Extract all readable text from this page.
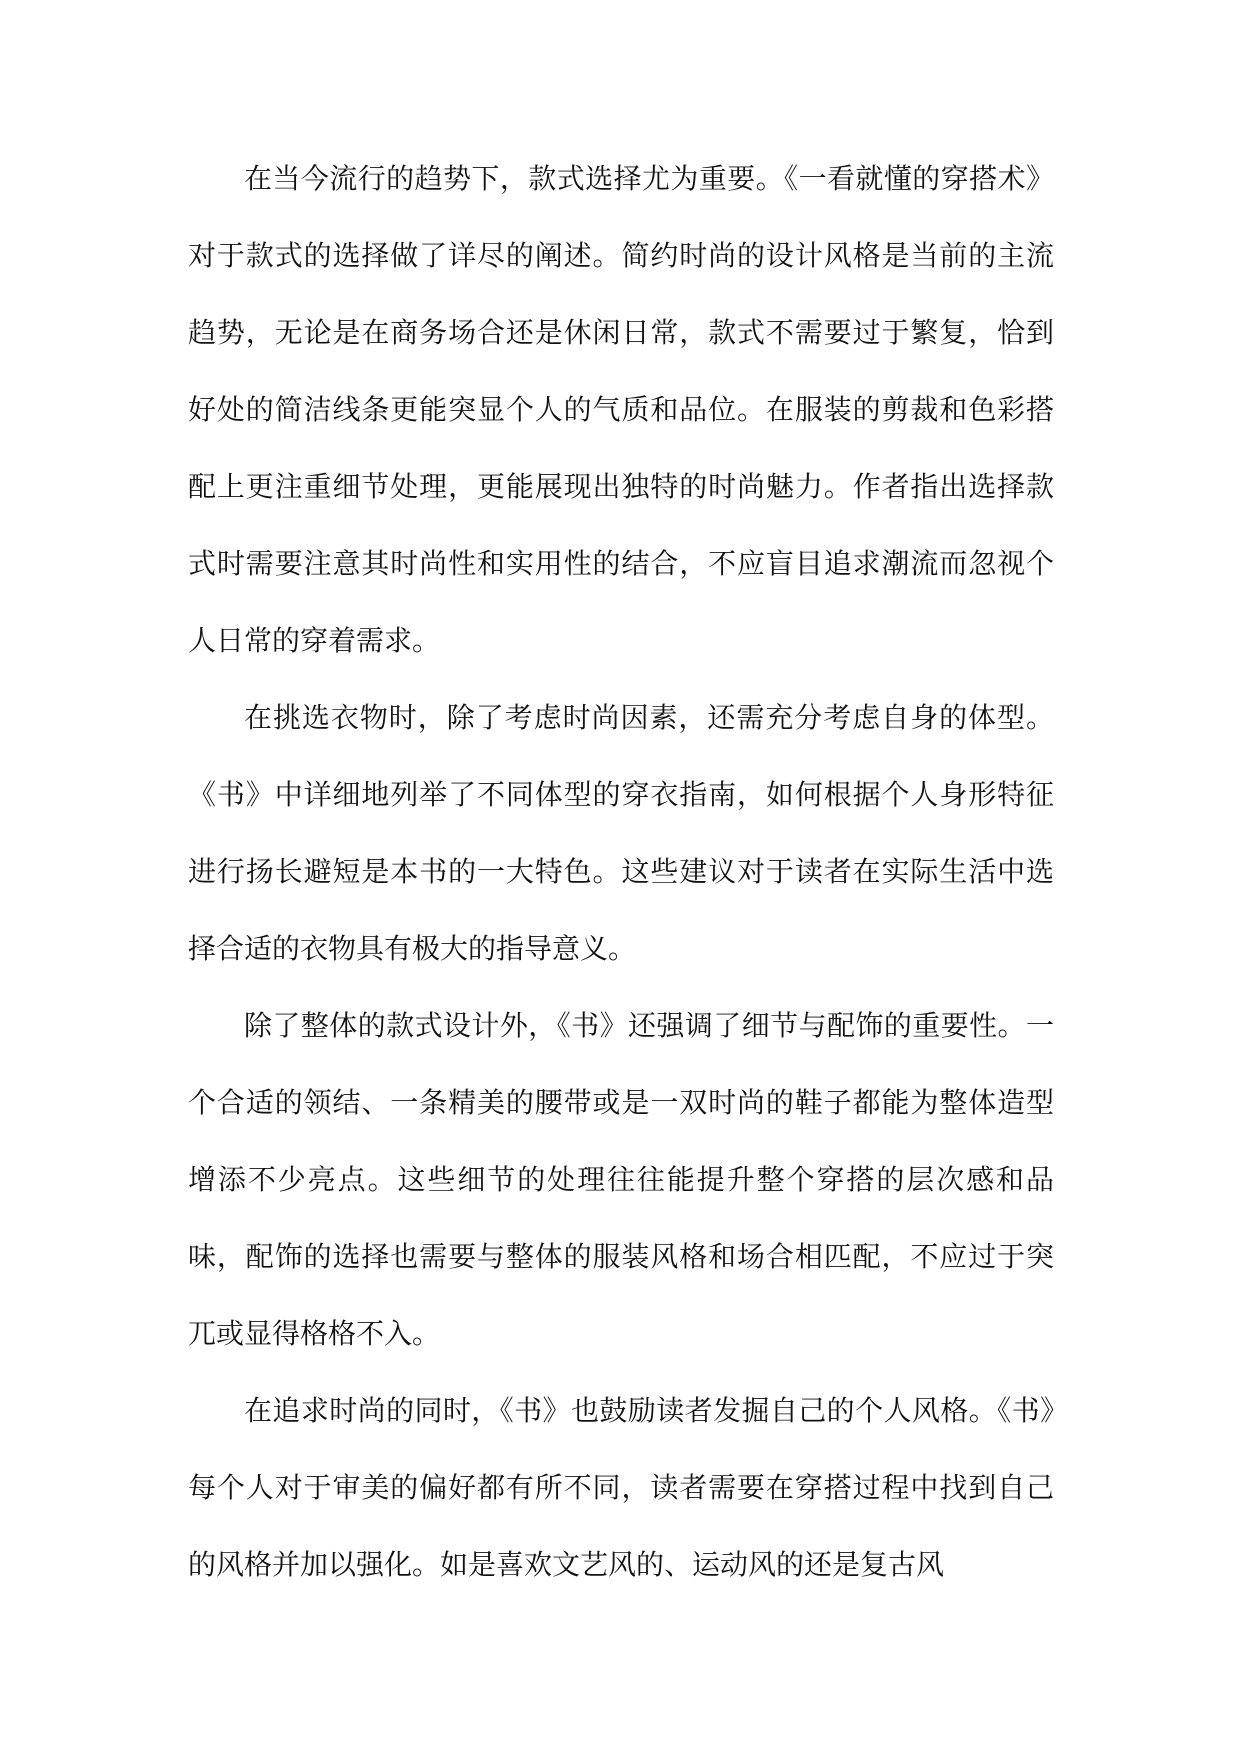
在当今流行的趋势下，款式选择尤为重要。《一看就懂的穿搭术》对于款式的选择做了详尽的阐述。简约时尚的设计风格是当前的主流趋势，无论是在商务场合还是休闲日常，款式不需要过于繁复，恰到好处的简洁线条更能突显个人的气质和品位。在服装的剪裁和色彩搭配上更注重细节处理，更能展现出独特的时尚魅力。作者指出选择款式时需要注意其时尚性和实用性的结合，不应盲目追求潮流而忽视个人日常的穿着需求。

在挑选衣物时，除了考虑时尚因素，还需充分考虑自身的体型。《书》中详细地列举了不同体型的穿衣指南，如何根据个人身形特征进行扬长避短是本书的一大特色。这些建议对于读者在实际生活中选择合适的衣物具有极大的指导意义。

除了整体的款式设计外，《书》还强调了细节与配饰的重要性。一个合适的领结、一条精美的腰带或是一双时尚的鞋子都能为整体造型增添不少亮点。这些细节的处理往往能提升整个穿搭的层次感和品味，配饰的选择也需要与整体的服装风格和场合相匹配，不应过于突兀或显得格格不入。

在追求时尚的同时，《书》也鼓励读者发掘自己的个人风格。《书》每个人对于审美的偏好都有所不同，读者需要在穿搭过程中找到自己的风格并加以强化。如是喜欢文艺风的、运动风的还是复古风
